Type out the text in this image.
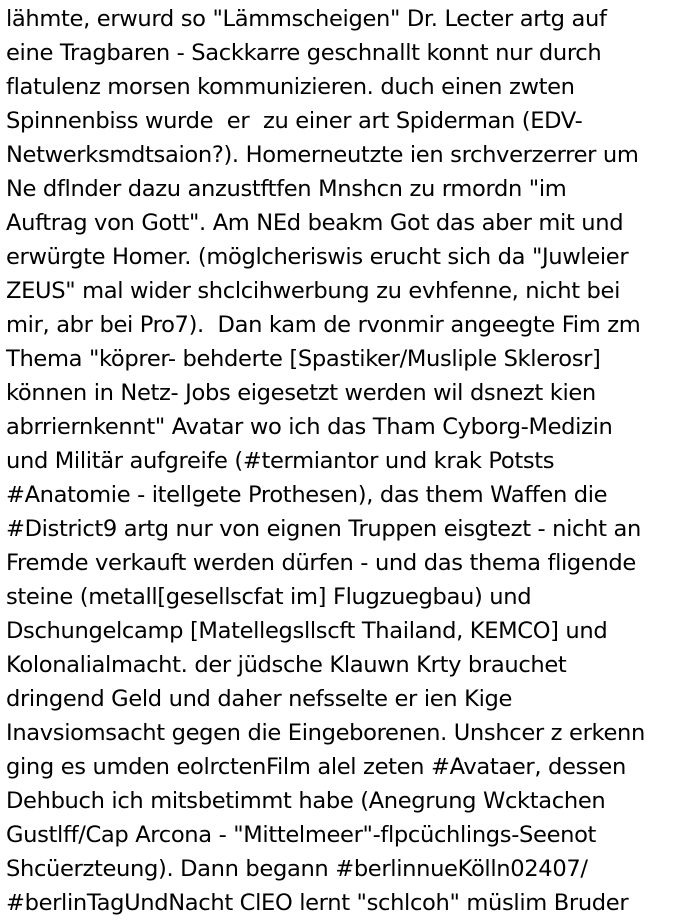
lähmte, erwurd so "Lämmscheigen" Dr. Lecter artg auf
eine Tragbaren - Sackkarre geschnallt konnt nur durch
flatulenz morsen kommunizieren. duch einen zwten
Spinnenbiss wurde  er  zu einer art Spiderman (EDV-
Netwerksmdtsaion?). Homerneutzte ien srchverzerrer um
Ne dflnder dazu anzustftfen Mnshcn zu rmordn "im
Auftrag von Gott". Am NEd beakm Got das aber mit und
erwürgte Homer. (möglcheriswis erucht sich da "Juwleier
ZEUS" mal wider shclcihwerbung zu evhfenne, nicht bei
mir, abr bei Pro7).  Dan kam de rvonmir angeegte Fim zm
Thema "köprer- behderte [Spastiker/Musliple Sklerosr]
können in Netz- Jobs eigesetzt werden wil dsnezt kien
abrriernkennt" Avatar wo ich das Tham Cyborg-Medizin
und Militär aufgreife (#termiantor und krak Potsts
#Anatomie - itellgete Prothesen), das them Waffen die
#District9 artg nur von eignen Truppen eisgtezt - nicht an
Fremde verkauft werden dürfen - und das thema fligende
steine (metall[gesellscfat im] Flugzuegbau) und
Dschungelcamp [Matellegsllscft Thailand, KEMCO] und
Kolonalialmacht. der jüdsche Klauwn Krty brauchet
dringend Geld und daher nefsselte er ien Kige
Inavsiomsacht gegen die Eingeborenen. Unshcer z erkenn
ging es umden eolrctenFilm alel zeten #Avataer, dessen
Dehbuch ich mitsbetimmt habe (Anegrung Wcktachen
Gustlff/Cap Arcona - "Mittelmeer"-flpcüchlings-Seenot
Shcüerzteung). Dann begann #berlinnueKölln02407/
#berlinTagUndNacht ClEO lernt "schlcoh" müslim Bruder
